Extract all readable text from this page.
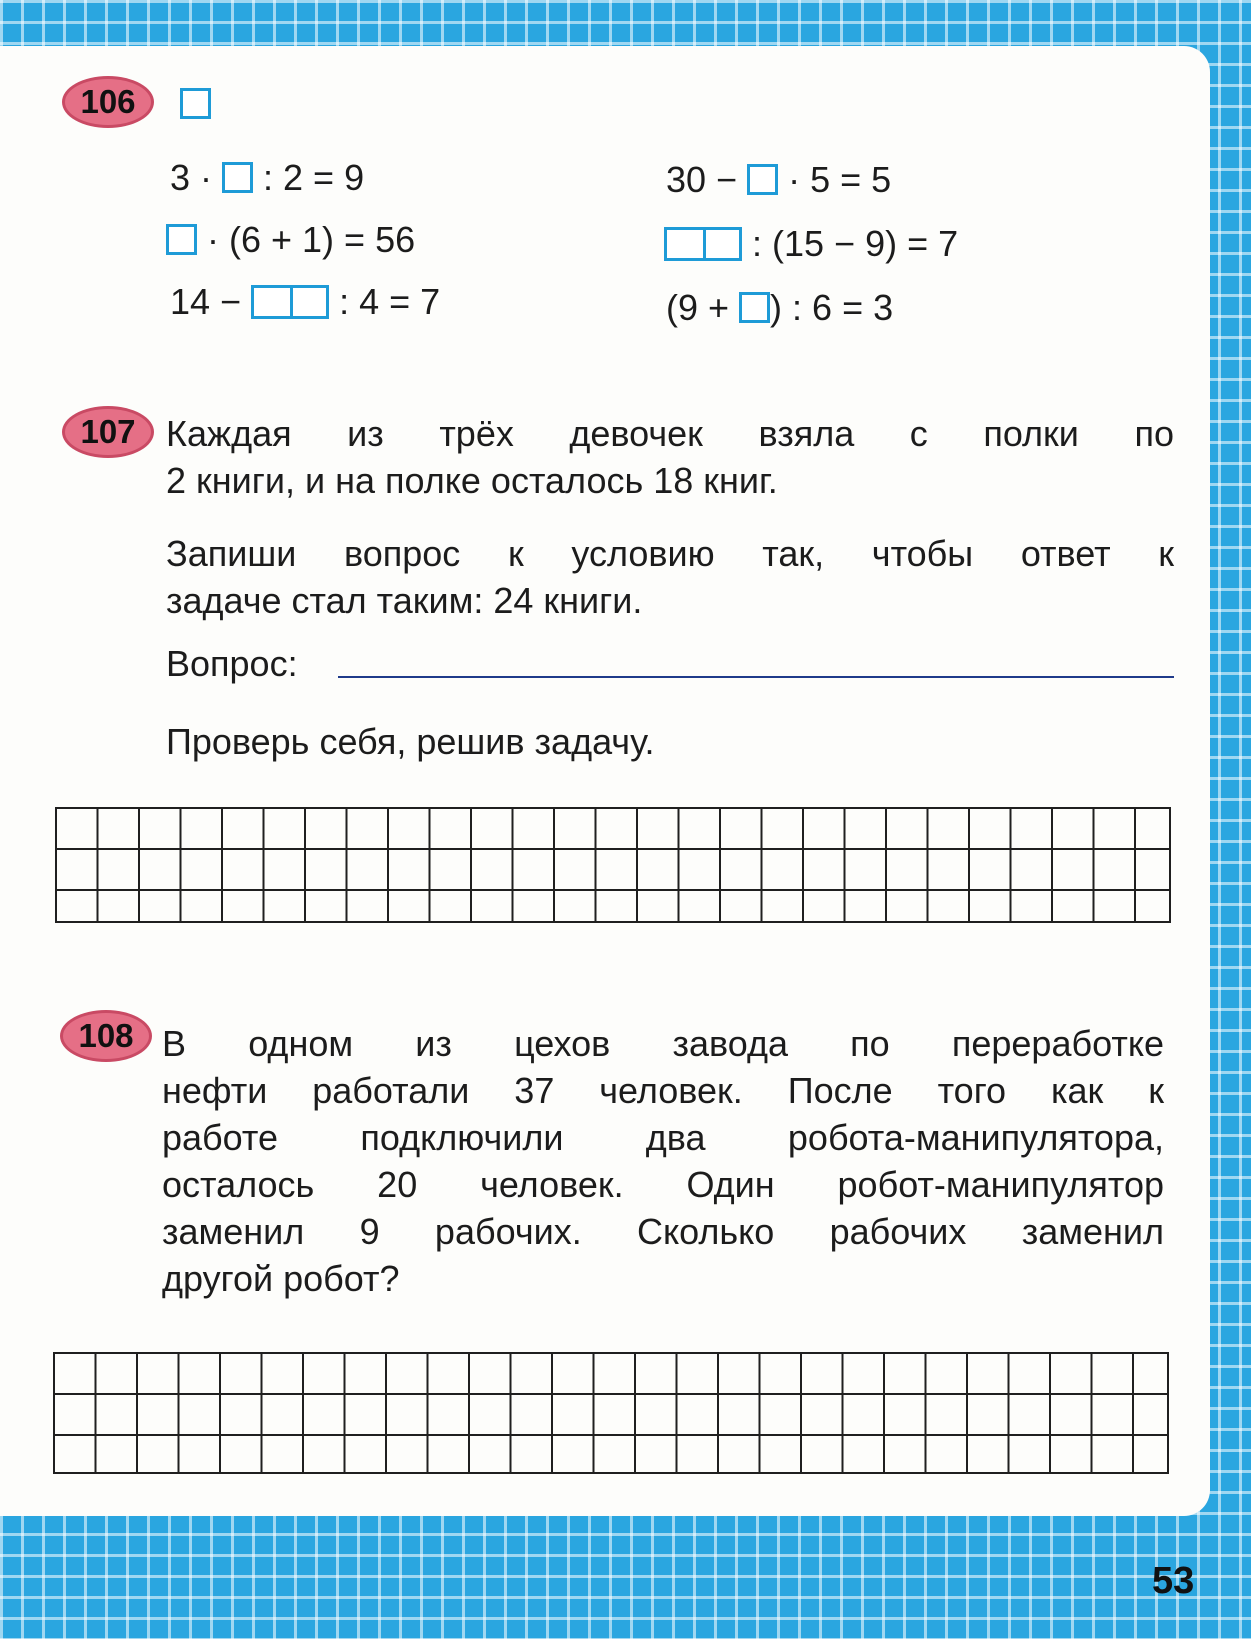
106
3 ·  : 2 = 9
· (6 + 1) = 56
14 −  : 4 = 7
30 −  · 5 = 5
: (15 − 9) = 7
(9 + ) : 6 = 3
107 Каждая из трёх девочек взяла с полки по
2 книги, и на полке осталось 18 книг.
Запиши вопрос к условию так, чтобы ответ к
задаче стал таким: 24 книги.
Вопрос:
Проверь себя, решив задачу.
108 В одном из цехов завода по переработке
нефти работали 37 человек. После того как к
работе подключили два робота-манипулятора,
осталось 20 человек. Один робот-манипулятор
заменил 9 рабочих. Сколько рабочих заменил
другой робот?
53
